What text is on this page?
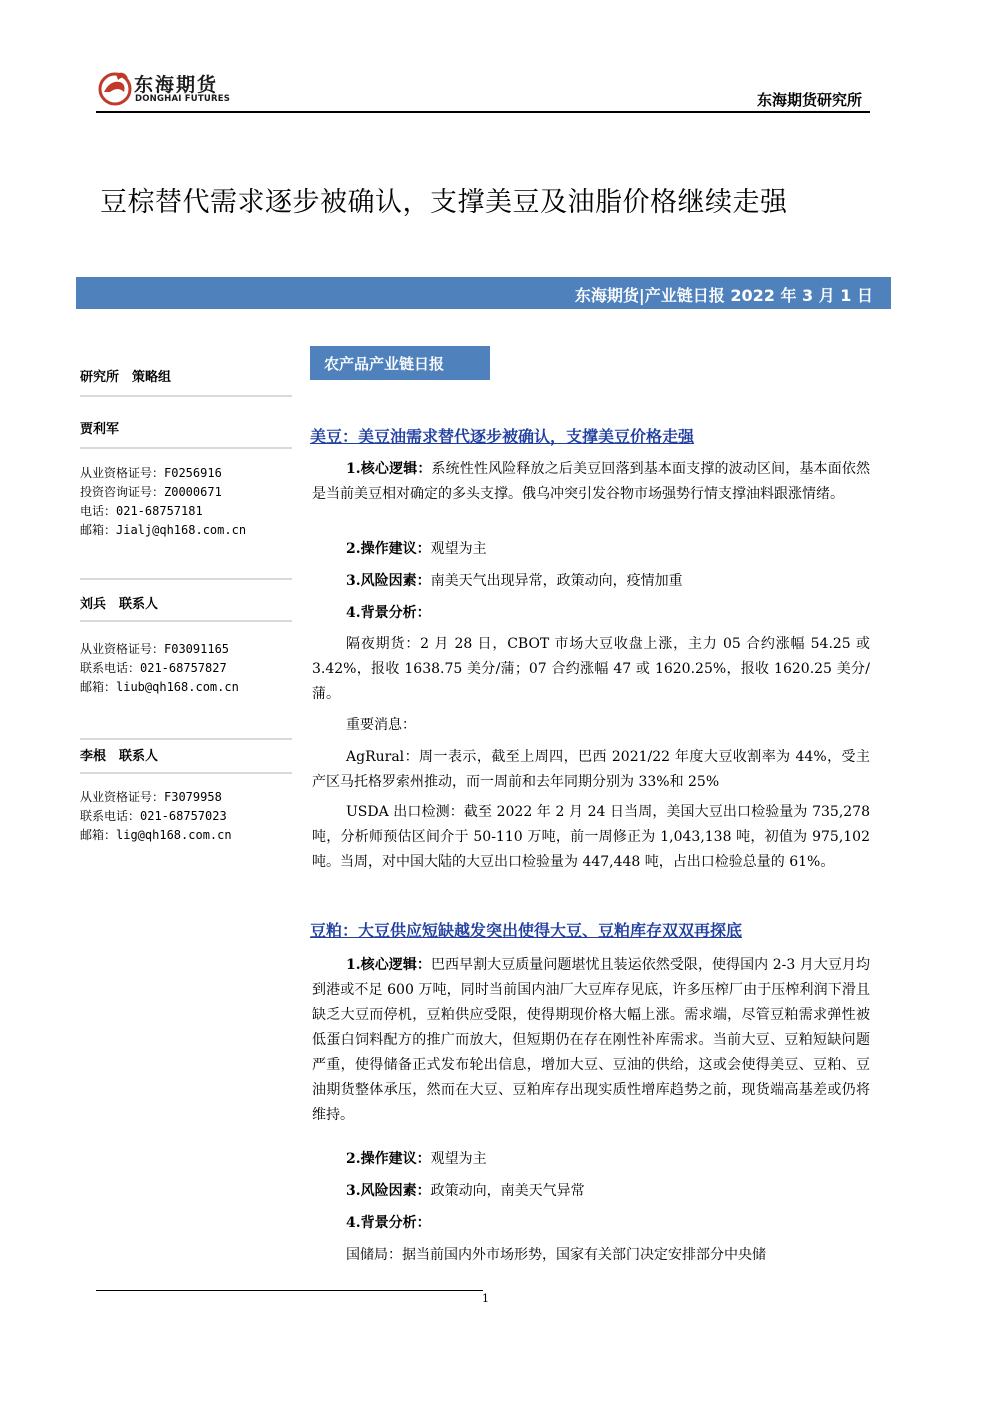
东海期货
DONGHAI FUTURES	东海期货研究所
豆棕替代需求逐步被确认，支撑美豆及油脂价格继续走强
东海期货|产业链日报 2022 年 3 月 1 日
研究所　策略组
贾利军
从业资格证号：F0256916
投资咨询证号：Z0000671
电话：021-68757181
邮箱：Jialj@qh168.com.cn
刘兵　联系人
从业资格证号：F03091165
联系电话：021-68757827
邮箱：liub@qh168.com.cn
李根　联系人
从业资格证号：F3079958
联系电话：021-68757023
邮箱：lig@qh168.com.cn
农产品产业链日报
美豆：美豆油需求替代逐步被确认，支撑美豆价格走强
1.核心逻辑：系统性性风险释放之后美豆回落到基本面支撑的波动区间，基本面依然是当前美豆相对确定的多头支撑。俄乌冲突引发谷物市场强势行情支撑油料跟涨情绪。
2.操作建议：观望为主
3.风险因素：南美天气出现异常，政策动向，疫情加重
4.背景分析：
隔夜期货：2 月 28 日，CBOT 市场大豆收盘上涨，主力 05 合约涨幅 54.25 或 3.42%，报收 1638.75 美分/蒲；07 合约涨幅 47 或 1620.25%，报收 1620.25 美分/蒲。
重要消息：
AgRural：周一表示，截至上周四，巴西 2021/22 年度大豆收割率为 44%，受主产区马托格罗索州推动，而一周前和去年同期分别为 33%和 25%
USDA 出口检测：截至 2022 年 2 月 24 日当周，美国大豆出口检验量为 735,278 吨，分析师预估区间介于 50-110 万吨，前一周修正为 1,043,138 吨，初值为 975,102 吨。当周，对中国大陆的大豆出口检验量为 447,448 吨，占出口检验总量的 61%。
豆粕：大豆供应短缺越发突出使得大豆、豆粕库存双双再探底
1.核心逻辑：巴西早割大豆质量问题堪忧且装运依然受限，使得国内 2-3 月大豆月均到港或不足 600 万吨，同时当前国内油厂大豆库存见底，许多压榨厂由于压榨利润下滑且缺乏大豆而停机，豆粕供应受限，使得期现价格大幅上涨。需求端，尽管豆粕需求弹性被低蛋白饲料配方的推广而放大，但短期仍在存在刚性补库需求。当前大豆、豆粕短缺问题严重，使得储备正式发布轮出信息，增加大豆、豆油的供给，这或会使得美豆、豆粕、豆油期货整体承压，然而在大豆、豆粕库存出现实质性增库趋势之前，现货端高基差或仍将维持。
2.操作建议：观望为主
3.风险因素：政策动向，南美天气异常
4.背景分析：
国储局：据当前国内外市场形势，国家有关部门决定安排部分中央储
1
